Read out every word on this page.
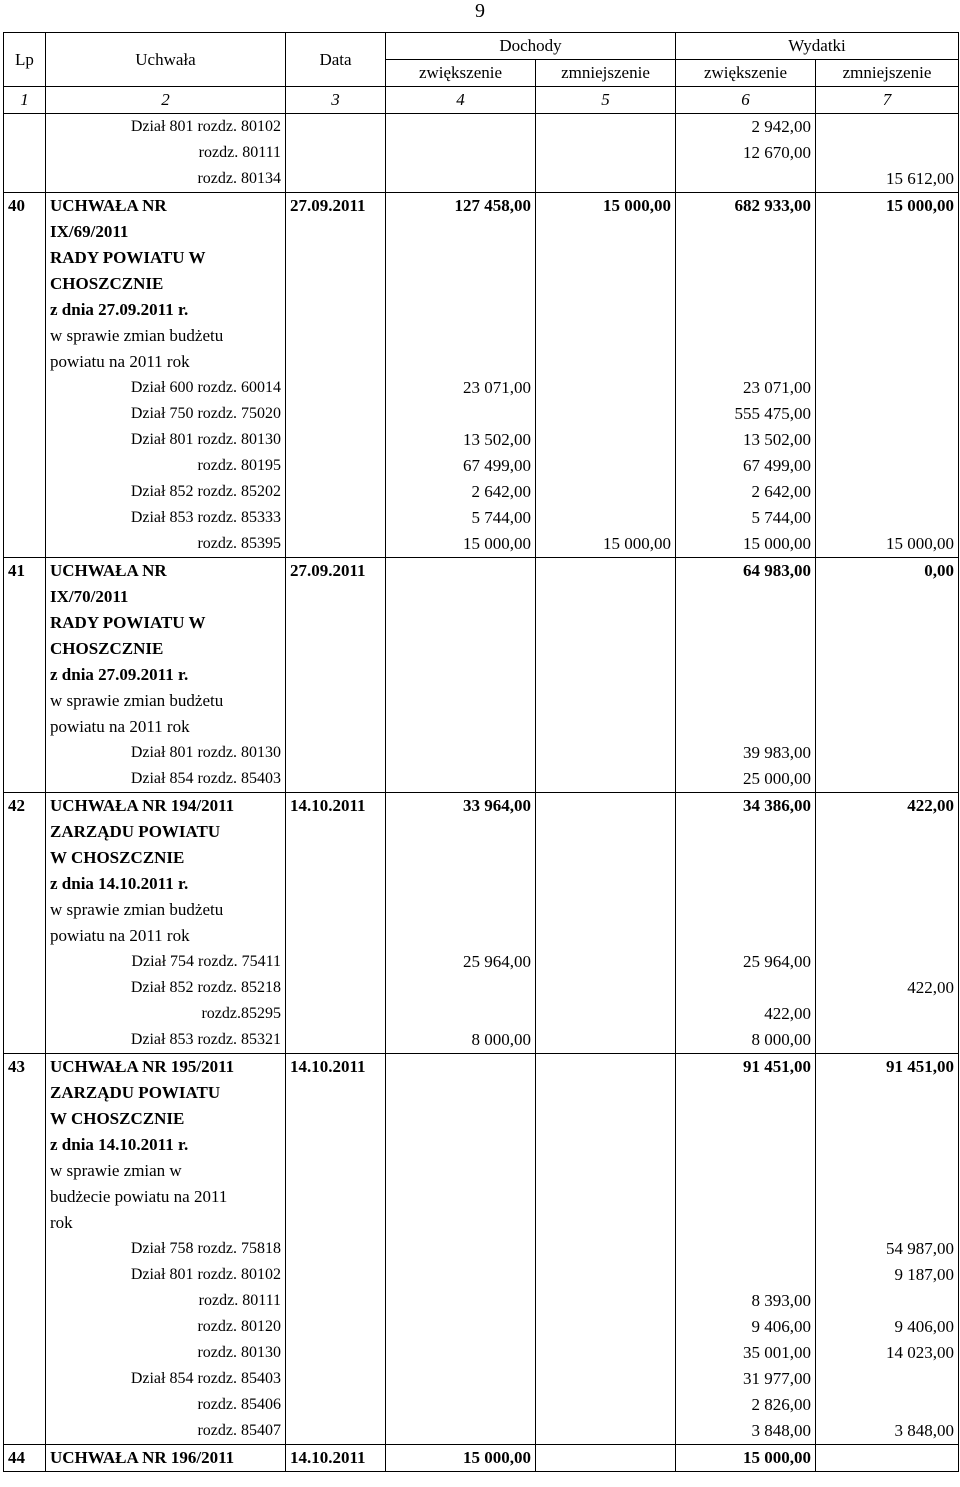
9
Lp	Uchwała	Data	Dochody		Wydatki	
			zwiększenie	zmniejszenie	zwiększenie	zmniejszenie
1	2	3	4	5	6	7
	Dział 801 rozdz. 80102				2 942,00	
	rozdz. 80111				12 670,00	
	rozdz. 80134					15 612,00
40	UCHWAŁA NR	27.09.2011	127 458,00	15 000,00	682 933,00	15 000,00
	IX/69/2011					
	RADY POWIATU W					
	CHOSZCZNIE					
	z dnia 27.09.2011 r.					
	w sprawie zmian budżetu					
	powiatu na 2011 rok					
	Dział 600 rozdz. 60014		23 071,00		23 071,00	
	Dział 750 rozdz. 75020				555 475,00	
	Dział 801 rozdz. 80130		13 502,00		13 502,00	
	rozdz. 80195		67 499,00		67 499,00	
	Dział 852 rozdz. 85202		2 642,00		2 642,00	
	Dział 853 rozdz. 85333		5 744,00		5 744,00	
	rozdz. 85395		15 000,00	15 000,00	15 000,00	15 000,00
41	UCHWAŁA NR	27.09.2011			64 983,00	0,00
	IX/70/2011					
	RADY POWIATU W					
	CHOSZCZNIE					
	z dnia 27.09.2011 r.					
	w sprawie zmian budżetu					
	powiatu na 2011 rok					
	Dział 801 rozdz. 80130				39 983,00	
	Dział 854 rozdz. 85403				25 000,00	
42	UCHWAŁA NR 194/2011	14.10.2011	33 964,00		34 386,00	422,00
	ZARZĄDU POWIATU					
	W CHOSZCZNIE					
	z dnia 14.10.2011 r.					
	w sprawie zmian budżetu					
	powiatu na 2011 rok					
	Dział 754 rozdz. 75411		25 964,00		25 964,00	
	Dział 852 rozdz. 85218					422,00
	rozdz.85295				422,00	
	Dział 853 rozdz. 85321		8 000,00		8 000,00	
43	UCHWAŁA NR 195/2011	14.10.2011			91 451,00	91 451,00
	ZARZĄDU POWIATU					
	W CHOSZCZNIE					
	z dnia 14.10.2011 r.					
	w sprawie zmian w					
	budżecie powiatu na 2011					
	rok					
	Dział 758 rozdz. 75818					54 987,00
	Dział 801 rozdz. 80102					9 187,00
	rozdz. 80111				8 393,00	
	rozdz. 80120				9 406,00	9 406,00
	rozdz. 80130				35 001,00	14 023,00
	Dział 854 rozdz. 85403				31 977,00	
	rozdz. 85406				2 826,00	
	rozdz. 85407				3 848,00	3 848,00
44	UCHWAŁA NR 196/2011	14.10.2011	15 000,00		15 000,00	
